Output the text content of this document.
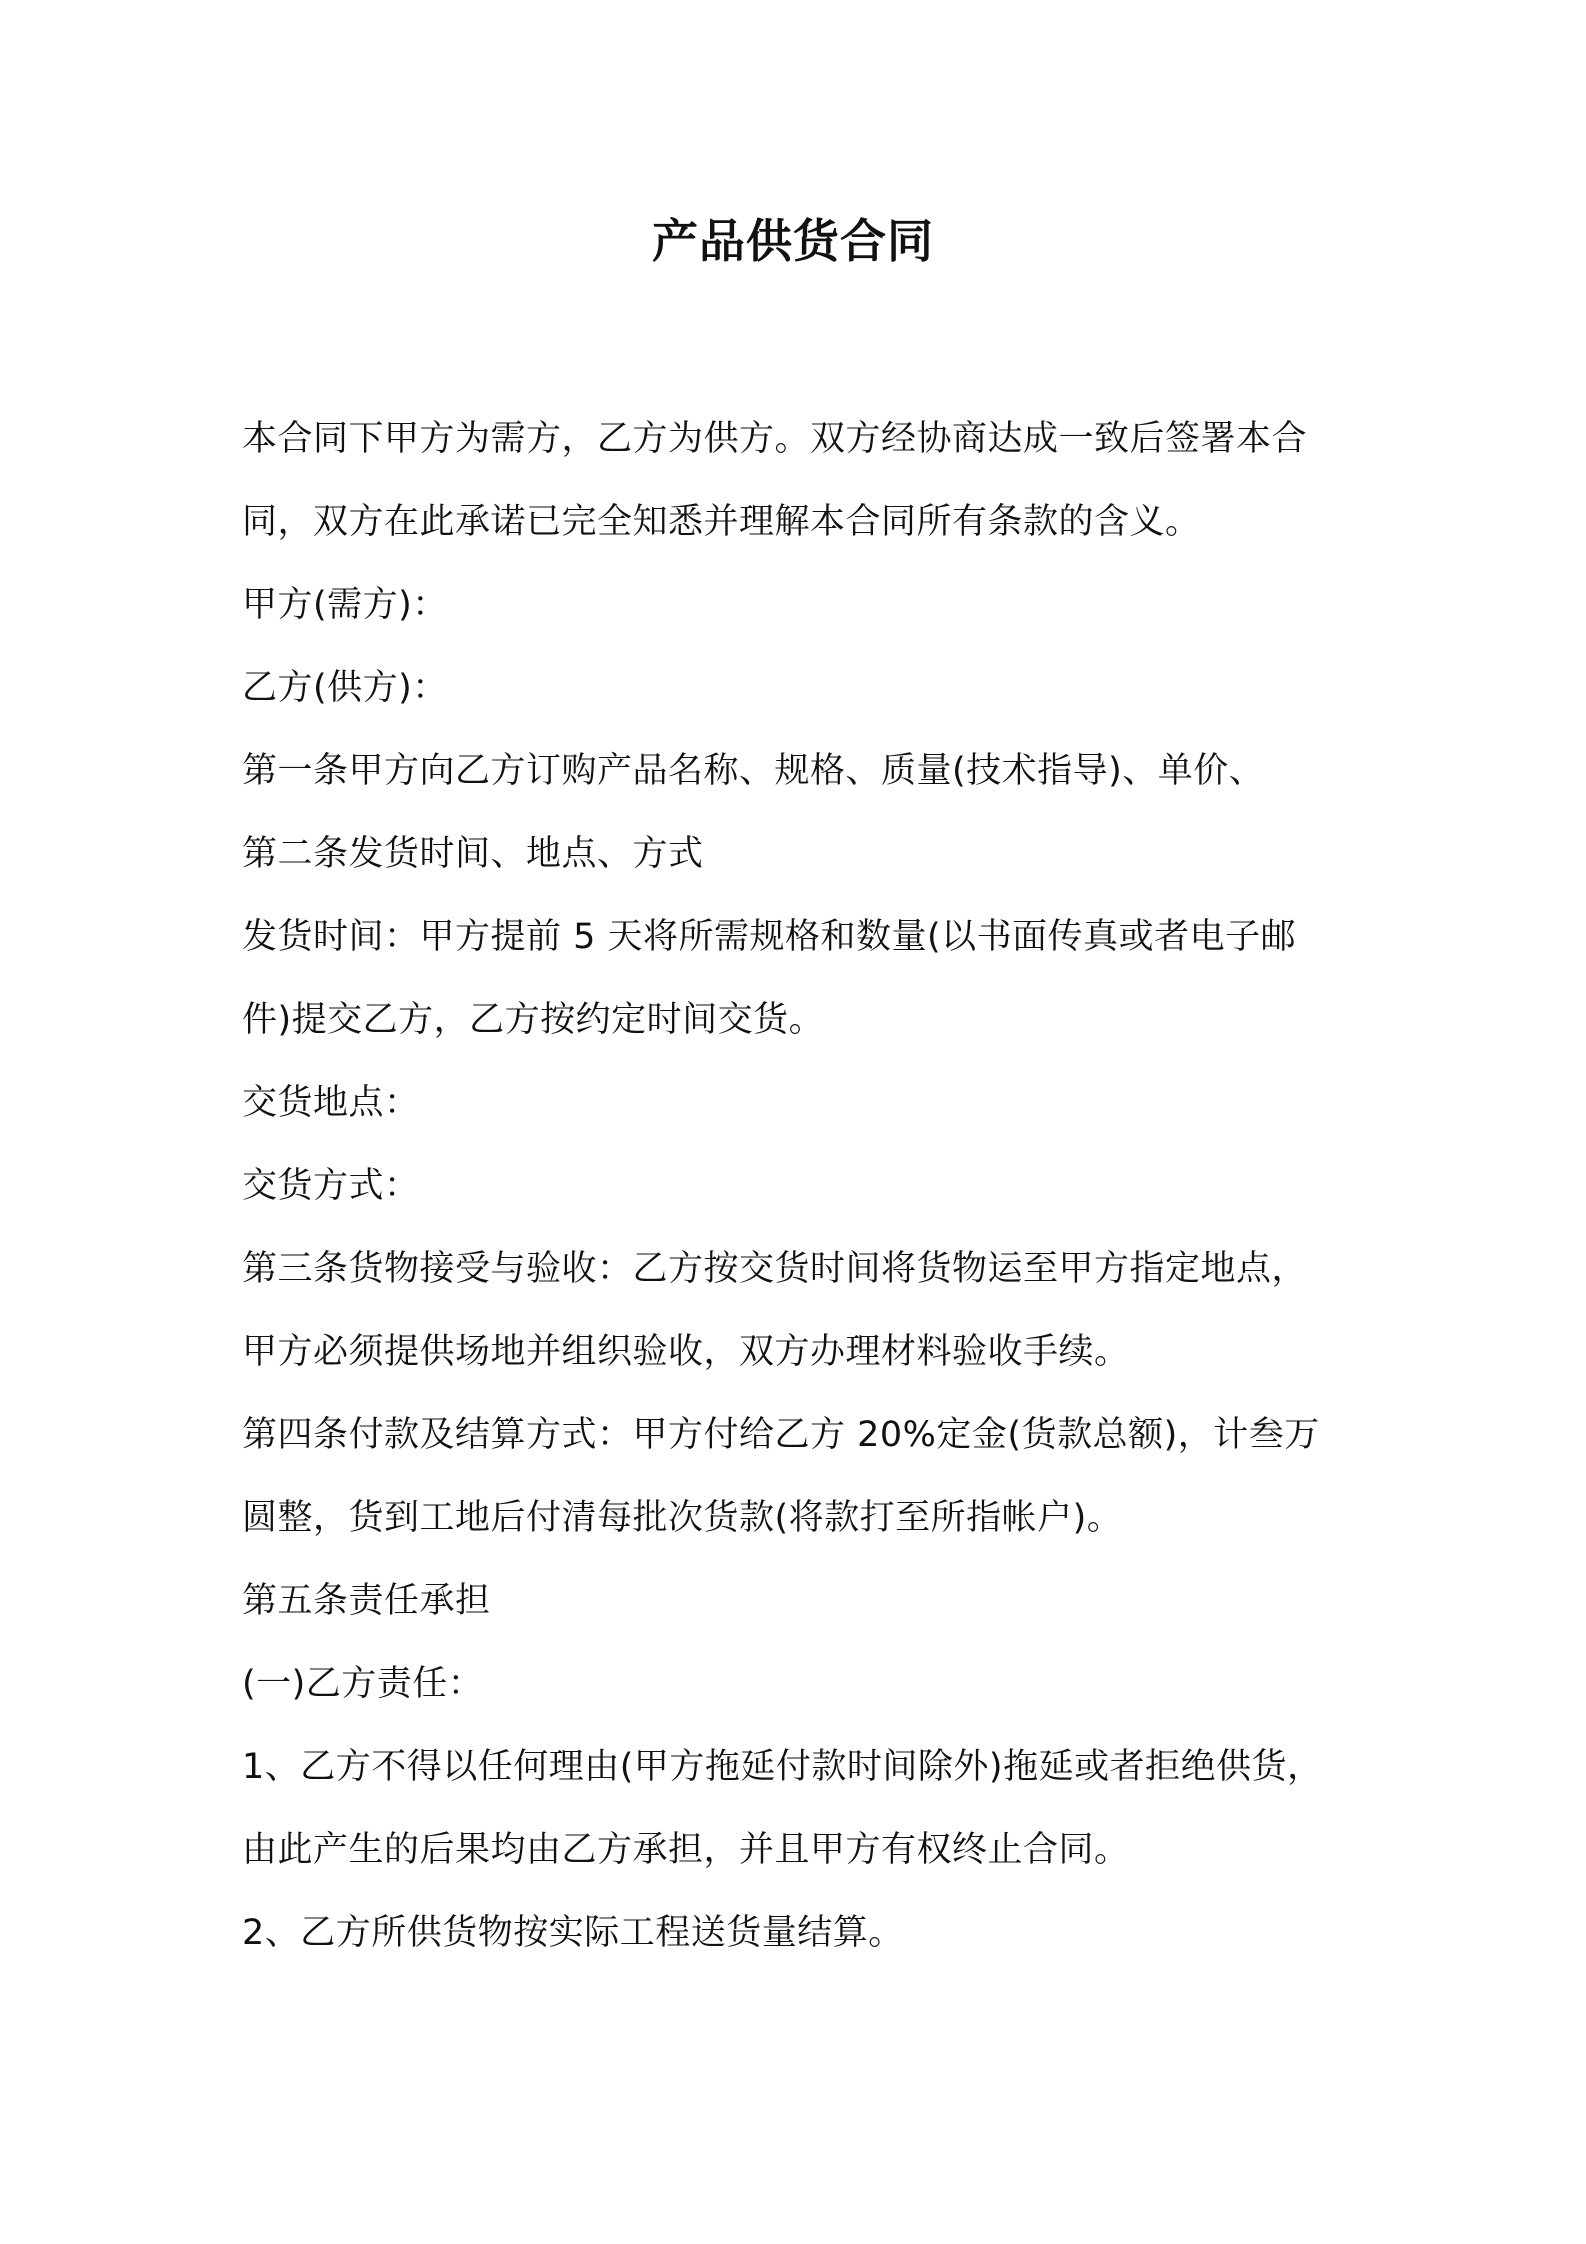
产品供货合同

本合同下甲方为需方，乙方为供方。双方经协商达成一致后签署本合
同，双方在此承诺已完全知悉并理解本合同所有条款的含义。

甲方(需方)：

乙方(供方)：

第一条甲方向乙方订购产品名称、规格、质量(技术指导)、单价、

第二条发货时间、地点、方式

发货时间：甲方提前 5 天将所需规格和数量(以书面传真或者电子邮
件)提交乙方，乙方按约定时间交货。

交货地点：

交货方式：

第三条货物接受与验收：乙方按交货时间将货物运至甲方指定地点，
甲方必须提供场地并组织验收，双方办理材料验收手续。

第四条付款及结算方式：甲方付给乙方 20%定金(货款总额)，计叁万
圆整，货到工地后付清每批次货款(将款打至所指帐户)。

第五条责任承担

(一)乙方责任：

1、乙方不得以任何理由(甲方拖延付款时间除外)拖延或者拒绝供货，
由此产生的后果均由乙方承担，并且甲方有权终止合同。

2、乙方所供货物按实际工程送货量结算。
